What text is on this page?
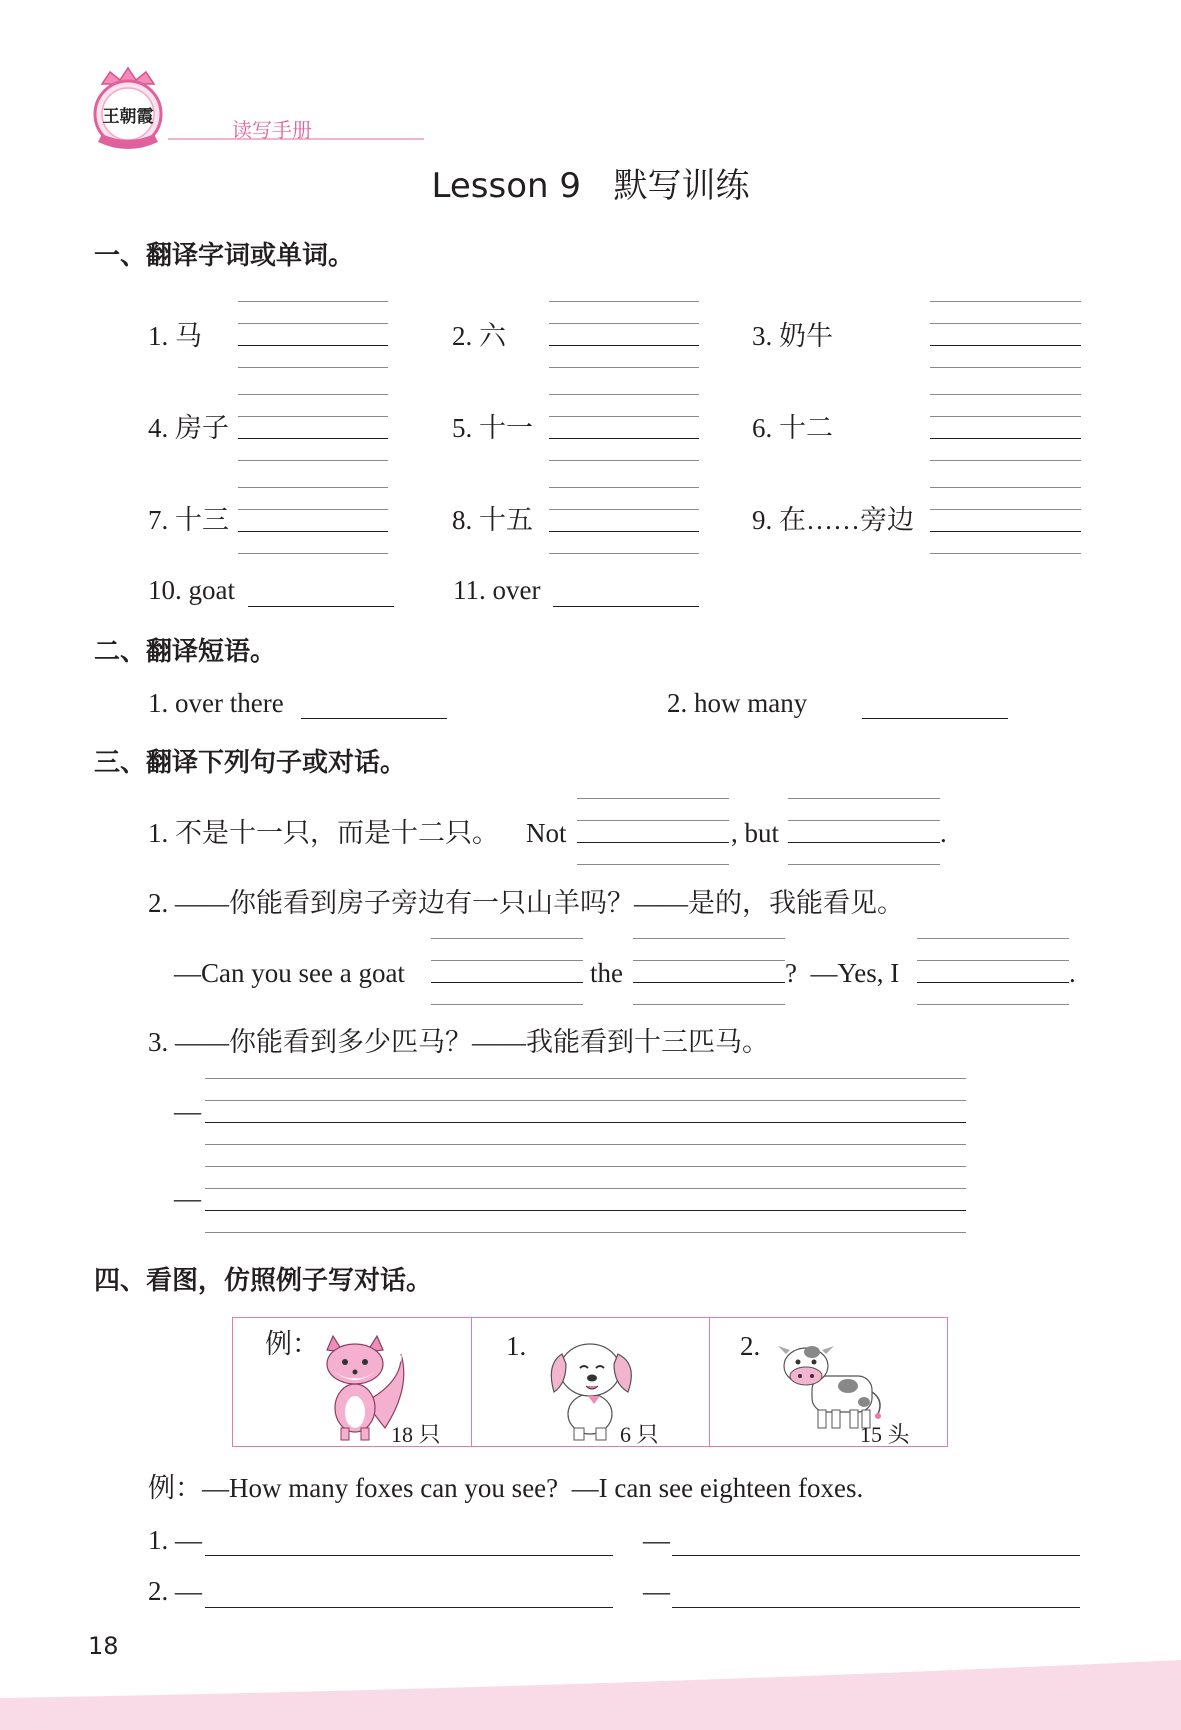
王朝霞
读写手册
Lesson 9   默写训练
一、翻译字词或单词。
1. 马	2. 六	3. 奶牛
4. 房子	5. 十一	6. 十二
7. 十三	8. 十五	9. 在……旁边
10. goat	11. over
二、翻译短语。
1. over there	2. how many
三、翻译下列句子或对话。
1. 不是十一只，而是十二只。 Not	, but	.
2. ——你能看到房子旁边有一只山羊吗？——是的，我能看见。
—Can you see a goat	the	?  —Yes, I	.
3. ——你能看到多少匹马？——我能看到十三匹马。
—
—
四、看图，仿照例子写对话。
例：
18 只
1.
6 只
2.
15 头
例：—How many foxes can you see?  —I can see eighteen foxes.
1. —	—
2. —	—
18
